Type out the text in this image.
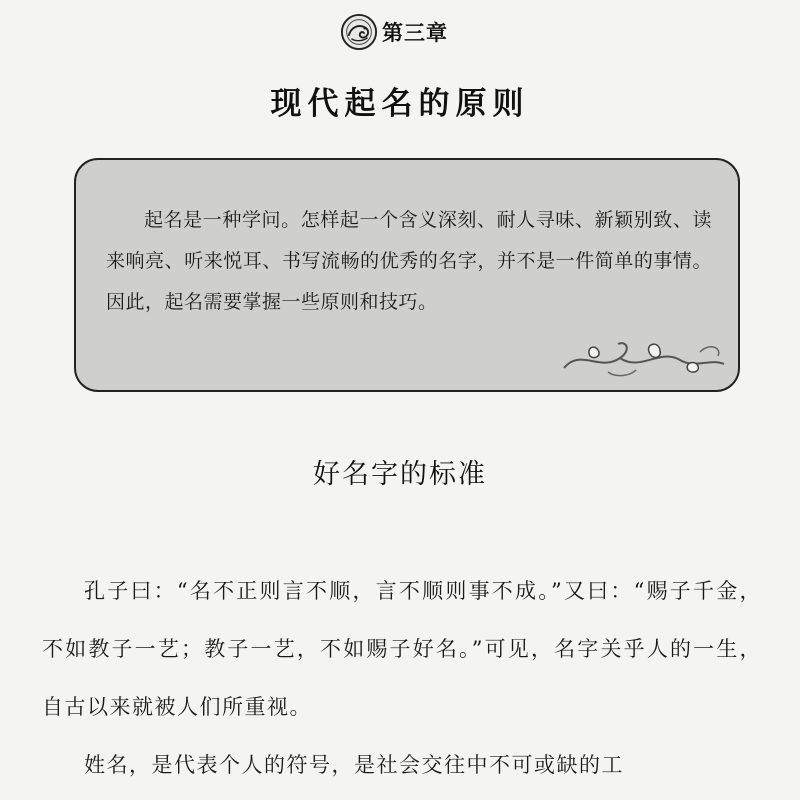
第三章
现代起名的原则

起名是一种学问。怎样起一个含义深刻、耐人寻味、新颖别致、读来响亮、听来悦耳、书写流畅的优秀的名字，并不是一件简单的事情。因此，起名需要掌握一些原则和技巧。

好名字的标准

孔子曰：“名不正则言不顺，言不顺则事不成。”又曰：“赐子千金，不如教子一艺；教子一艺，不如赐子好名。”可见，名字关乎人的一生，自古以来就被人们所重视。

姓名，是代表个人的符号，是社会交往中不可或缺的工
